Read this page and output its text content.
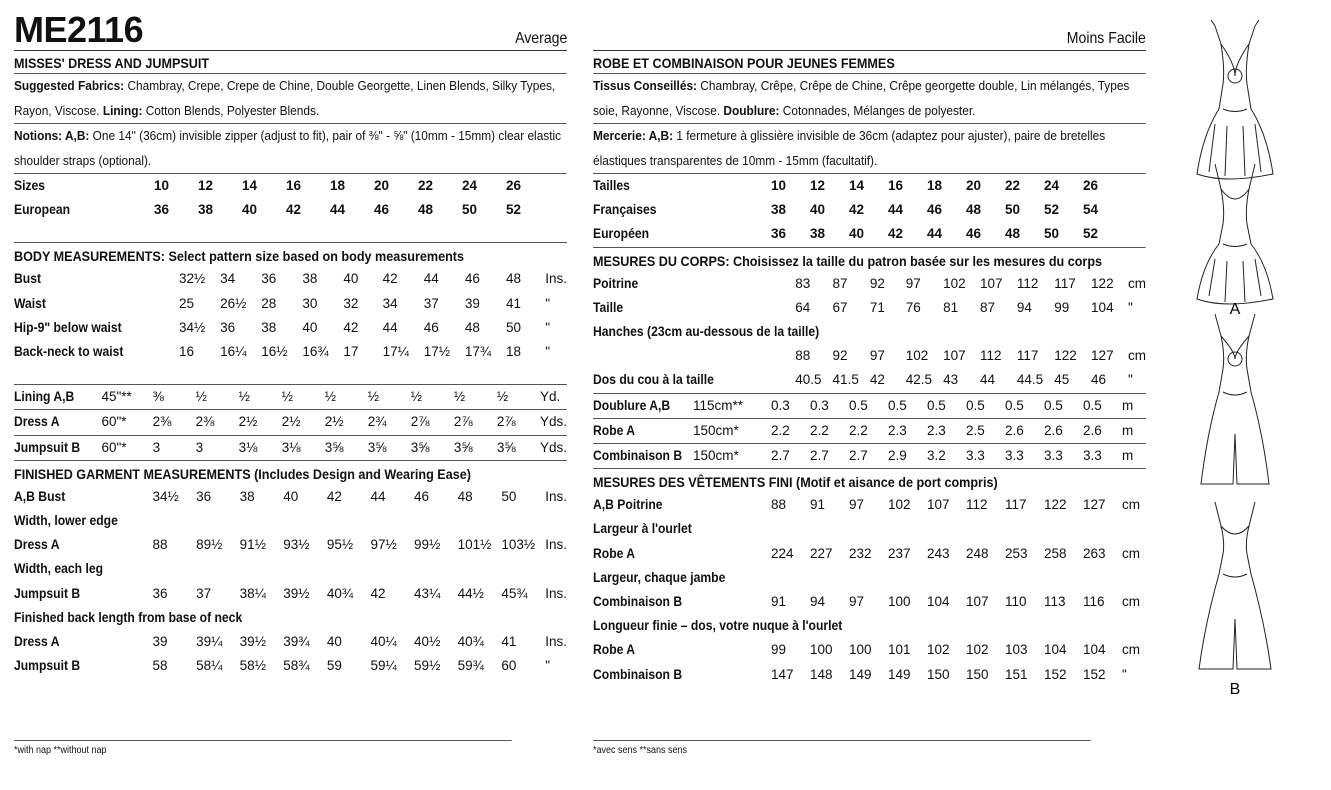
ME2116	Average
MISSES' DRESS AND JUMPSUIT
Suggested Fabrics: Chambray, Crepe, Crepe de Chine, Double Georgette, Linen Blends, Silky Types, Rayon, Viscose. Lining: Cotton Blends, Polyester Blends.
Notions: A,B: One 14" (36cm) invisible zipper (adjust to fit), pair of ⅜" - ⅝" (10mm - 15mm) clear elastic shoulder straps (optional).
Sizes		10	12	14	16	18	20	22	24	26	
European		36	38	40	42	44	46	48	50	52	
BODY MEASUREMENTS: Select pattern size based on body measurements
Bust		32½	34	36	38	40	42	44	46	48	Ins.
Waist		25	26½	28	30	32	34	37	39	41	"
Hip-9" below waist		34½	36	38	40	42	44	46	48	50	"
Back-neck to waist		16	16¼	16½	16¾	17	17¼	17½	17¾	18	"
Lining A,B	45"**	⅜	½	½	½	½	½	½	½	½	Yd.
Dress A	60"*	2⅜	2⅜	2½	2½	2½	2¾	2⅞	2⅞	2⅞	Yds.
Jumpsuit B	60"*	3	3	3⅛	3⅛	3⅝	3⅝	3⅝	3⅝	3⅝	Yds.
FINISHED GARMENT MEASUREMENTS (Includes Design and Wearing Ease)
A,B Bust		34½	36	38	40	42	44	46	48	50	Ins.
Width, lower edge											
Dress A		88	89½	91½	93½	95½	97½	99½	101½	103½	Ins.
Width, each leg											
Jumpsuit B		36	37	38¼	39½	40¾	42	43¼	44½	45¾	Ins.
Finished back length from base of neck											
Dress A		39	39¼	39½	39¾	40	40¼	40½	40¾	41	Ins.
Jumpsuit B		58	58¼	58½	58¾	59	59¼	59½	59¾	60	"
*with nap **without nap
Moins Facile
ROBE ET COMBINAISON POUR JEUNES FEMMES
Tissus Conseillés: Chambray, Crêpe, Crêpe de Chine, Crêpe georgette double, Lin mélangés, Types soie, Rayonne, Viscose. Doublure: Cotonnades, Mélanges de polyester.
Mercerie: A,B: 1 fermeture à glissière invisible de 36cm (adaptez pour ajuster), paire de bretelles élastiques transparentes de 10mm - 15mm (facultatif).
Tailles		10	12	14	16	18	20	22	24	26	
Françaises		38	40	42	44	46	48	50	52	54	
Européen		36	38	40	42	44	46	48	50	52	
MESURES DU CORPS: Choisissez la taille du patron basée sur les mesures du corps
Poitrine		83	87	92	97	102	107	112	117	122	cm
Taille		64	67	71	76	81	87	94	99	104	"
Hanches (23cm au-dessous de la taille)											
		88	92	97	102	107	112	117	122	127	cm
Dos du cou à la taille		40.5	41.5	42	42.5	43	44	44.5	45	46	"
Doublure A,B	115cm**	0.3	0.3	0.5	0.5	0.5	0.5	0.5	0.5	0.5	m
Robe A	150cm*	2.2	2.2	2.2	2.3	2.3	2.5	2.6	2.6	2.6	m
Combinaison B	150cm*	2.7	2.7	2.7	2.9	3.2	3.3	3.3	3.3	3.3	m
MESURES DES VÊTEMENTS FINI (Motif et aisance de port compris)
A,B Poitrine		88	91	97	102	107	112	117	122	127	cm
Largeur à l'ourlet											
Robe A		224	227	232	237	243	248	253	258	263	cm
Largeur, chaque jambe											
Combinaison B		91	94	97	100	104	107	110	113	116	cm
Longueur finie – dos, votre nuque à l'ourlet											
Robe A		99	100	100	101	102	102	103	104	104	cm
Combinaison B		147	148	149	149	150	150	151	152	152	"
*avec sens **sans sens
A
B
